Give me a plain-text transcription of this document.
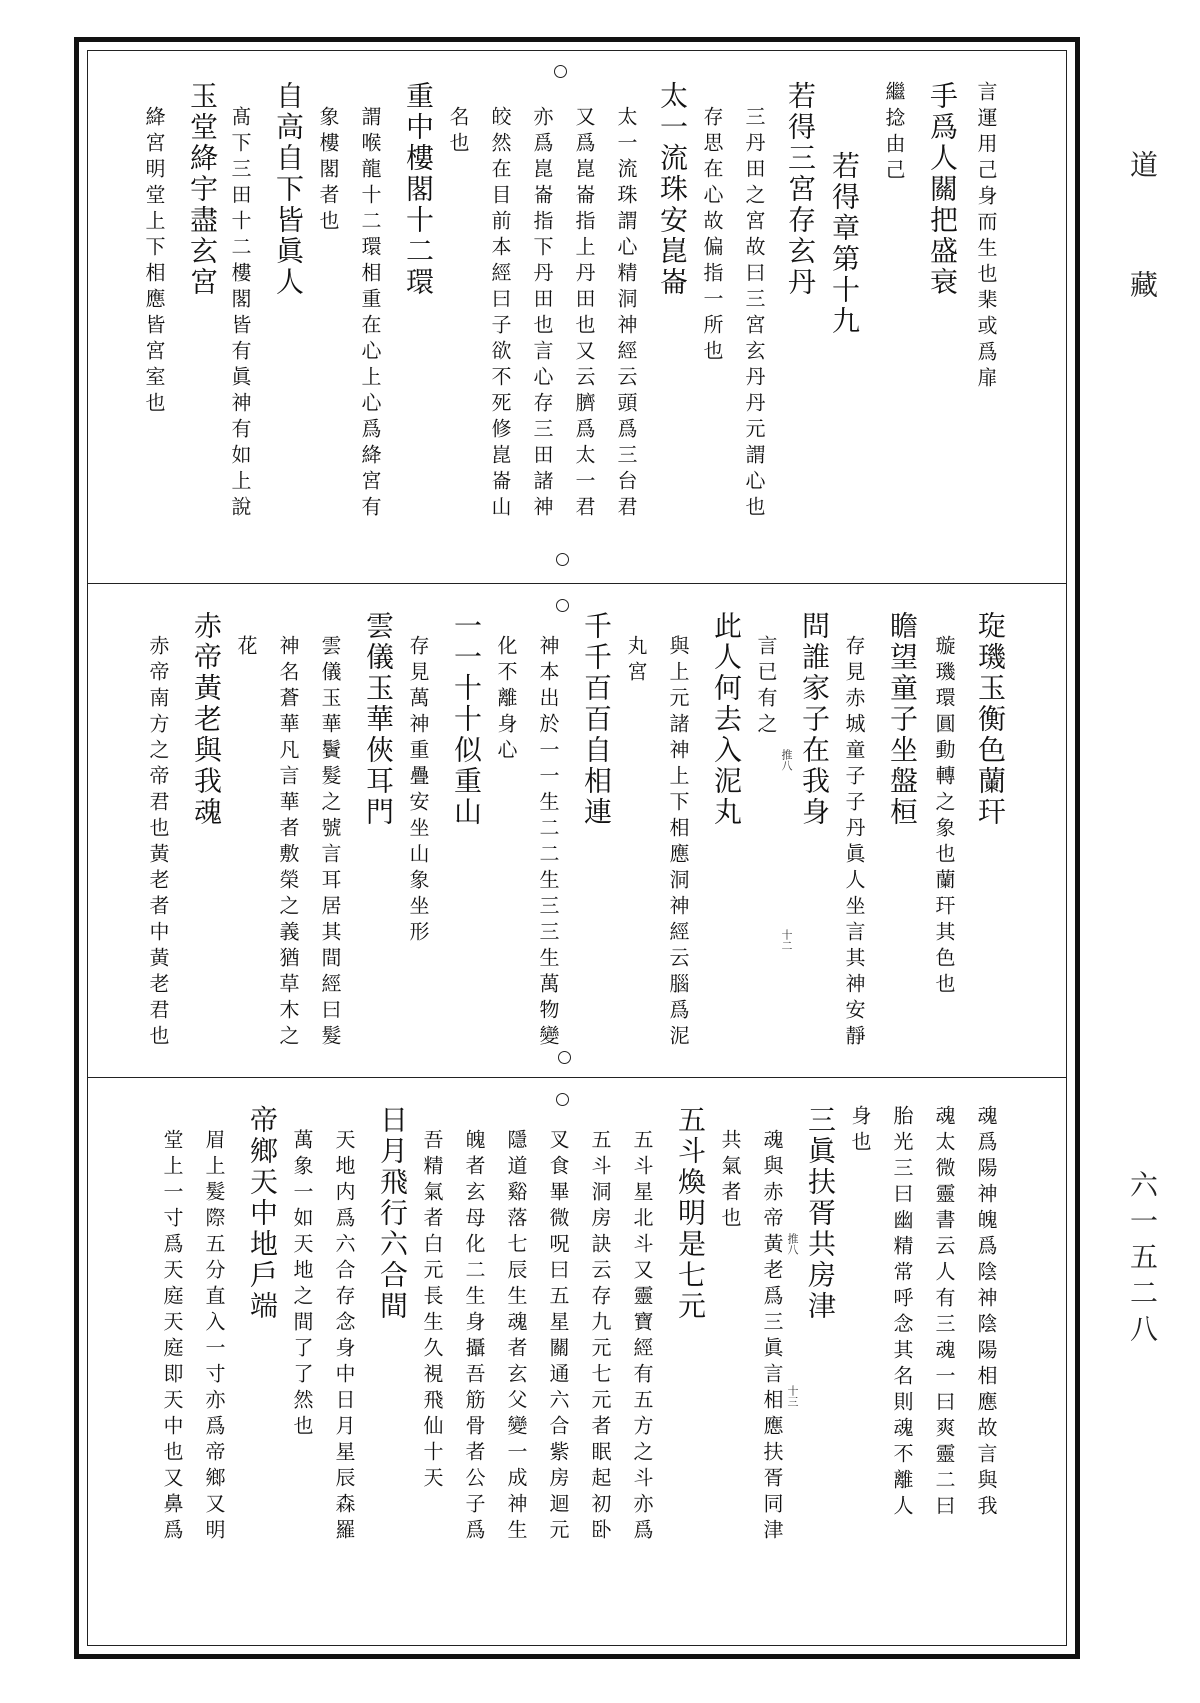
道
藏
六一五二八
言運用己身而生也棐或爲扉
手爲人關把盛衰
繼捻由己
若得章第十九
若得三宮存玄丹
三丹田之宮故曰三宮玄丹丹元謂心也
存思在心故偏指一所也
太一流珠安崑崙
太一流珠謂心精洞神經云頭爲三台君
又爲崑崙指上丹田也又云臍爲太一君
亦爲崑崙指下丹田也言心存三田諸神
皎然在目前本經曰子欲不死修崑崙山
名也
重中樓閣十二環
謂喉龍十二環相重在心上心爲絳宮有
象樓閣者也
自高自下皆眞人
髙下三田十二樓閣皆有眞神有如上說
玉堂絳宇盡玄宮
絳宮明堂上下相應皆宮室也
琁璣玉衡色蘭玕
璇璣環圓動轉之象也蘭玕其色也
瞻望童子坐盤桓
存見赤城童子子丹眞人坐言其神安靜
問誰家子在我身
言已有之
此人何去入泥丸
與上元諸神上下相應洞神經云腦爲泥
丸宮
千千百百自相連
神本出於一一生二二生三三生萬物變
化不離身心
一一十十似重山
存見萬神重疊安坐山象坐形
雲儀玉華俠耳門
雲儀玉華鬢髮之號言耳居其間經曰髮
神名蒼華凡言華者敷榮之義猶草木之
花
赤帝黃老與我魂
赤帝南方之帝君也黃老者中黃老君也	推八
十二
魂爲陽神魄爲陰神陰陽相應故言與我
魂太微靈書云人有三魂一曰爽靈二曰
胎光三曰幽精常呼念其名則魂不離人
身也
三眞扶胥共房津
魂與赤帝黃老爲三眞言相應扶胥同津
共氣者也
五斗煥明是七元
五斗星北斗又靈寶經有五方之斗亦爲
五斗洞房訣云存九元七元者眠起初卧
叉食畢微呪曰五星關通六合紫房迴元
隱道谿落七辰生魂者玄父變一成神生
魄者玄母化二生身攝吾筋骨者公子爲
吾精氣者白元長生久視飛仙十天
日月飛行六合間
天地内爲六合存念身中日月星辰森羅
萬象一如天地之間了了然也
帝鄉天中地戶端
眉上髮際五分直入一寸亦爲帝鄉又明
堂上一寸爲天庭天庭即天中也又鼻爲	推八
十三
